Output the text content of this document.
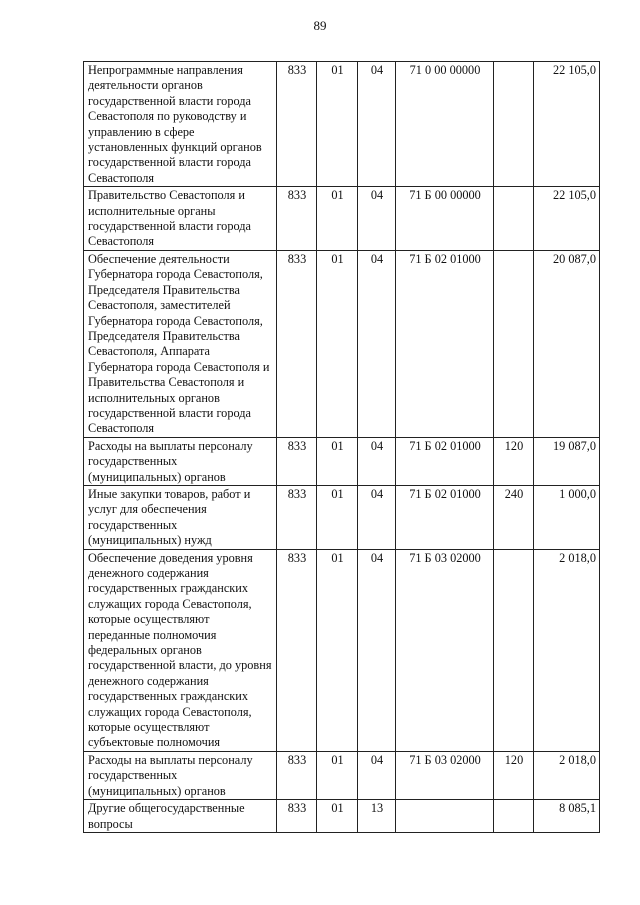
89
Непрограммные направления деятельности органов государственной власти города Севастополя по руководству и управлению в сфере установленных функций органов государственной власти города Севастополя	833	01	04	71 0 00 00000		22 105,0
Правительство Севастополя и исполнительные органы государственной власти города Севастополя	833	01	04	71 Б 00 00000		22 105,0
Обеспечение деятельности Губернатора города Севастополя, Председателя Правительства Севастополя, заместителей Губернатора города Севастополя, Председателя Правительства Севастополя, Аппарата Губернатора города Севастополя и Правительства Севастополя и исполнительных органов государственной власти города Севастополя	833	01	04	71 Б 02 01000		20 087,0
Расходы на выплаты персоналу государственных (муниципальных) органов	833	01	04	71 Б 02 01000	120	19 087,0
Иные закупки товаров, работ и услуг для обеспечения государственных (муниципальных) нужд	833	01	04	71 Б 02 01000	240	1 000,0
Обеспечение доведения уровня денежного содержания государственных гражданских служащих города Севастополя, которые осуществляют переданные полномочия федеральных органов государственной власти, до уровня денежного содержания государственных гражданских служащих города Севастополя, которые осуществляют субъектовые полномочия	833	01	04	71 Б 03 02000		2 018,0
Расходы на выплаты персоналу государственных (муниципальных) органов	833	01	04	71 Б 03 02000	120	2 018,0
Другие общегосударственные вопросы	833	01	13			8 085,1
